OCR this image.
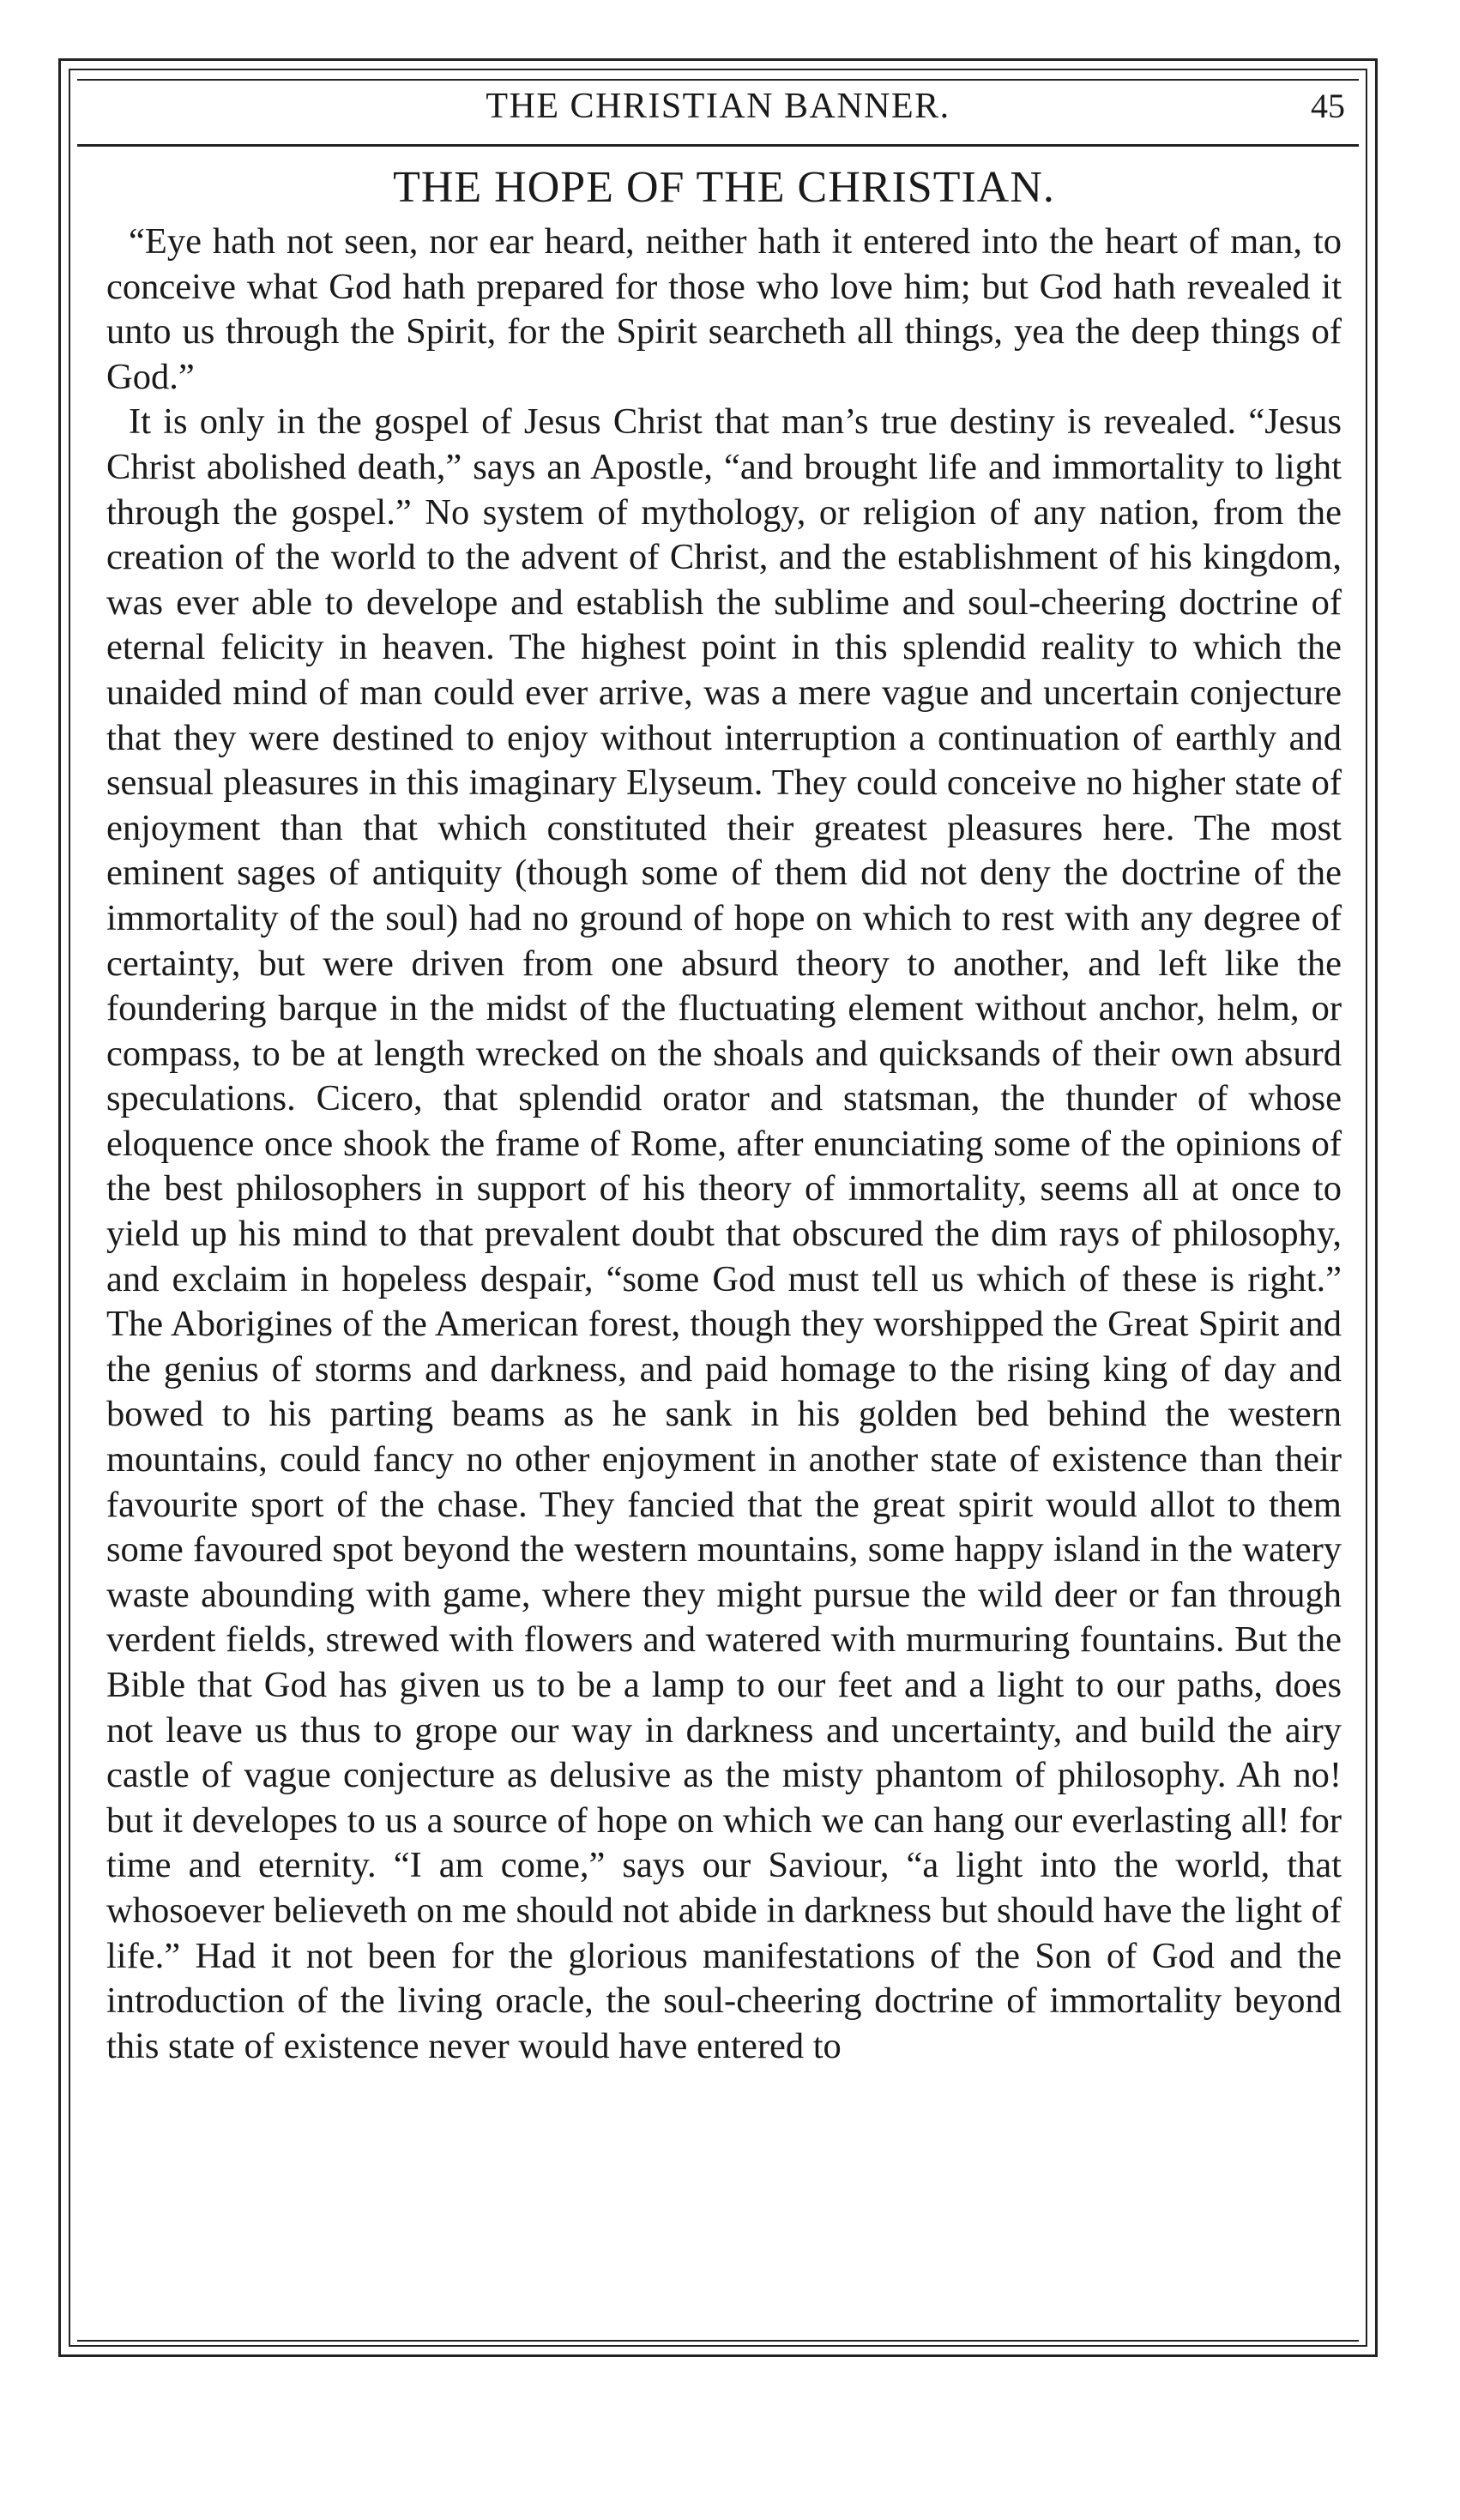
THE CHRISTIAN BANNER.	45
THE HOPE OF THE CHRISTIAN.

“Eye hath not seen, nor ear heard, neither hath it entered into the heart of man, to conceive what God hath prepared for those who love him; but God hath revealed it unto us through the Spirit, for the Spirit searcheth all things, yea the deep things of God.”

It is only in the gospel of Jesus Christ that man’s true destiny is revealed. “Jesus Christ abolished death,” says an Apostle, “and brought life and immortality to light through the gospel.” No system of mythology, or religion of any nation, from the creation of the world to the advent of Christ, and the establishment of his kingdom, was ever able to develope and establish the sublime and soul-cheering doctrine of eternal felicity in heaven. The highest point in this splendid reality to which the unaided mind of man could ever arrive, was a mere vague and uncertain conjecture that they were destined to enjoy without interruption a continuation of earthly and sensual pleasures in this imaginary Elyseum. They could conceive no higher state of enjoyment than that which constituted their greatest pleasures here. The most eminent sages of antiquity (though some of them did not deny the doctrine of the immortality of the soul) had no ground of hope on which to rest with any degree of certainty, but were driven from one absurd theory to another, and left like the foundering barque in the midst of the fluctuating element without anchor, helm, or compass, to be at length wrecked on the shoals and quicksands of their own absurd speculations. Cicero, that splendid orator and statsman, the thunder of whose eloquence once shook the frame of Rome, after enunciating some of the opinions of the best philosophers in support of his theory of immortality, seems all at once to yield up his mind to that prevalent doubt that obscured the dim rays of philosophy, and exclaim in hopeless despair, “some God must tell us which of these is right.” The Aborigines of the American forest, though they worshipped the Great Spirit and the genius of storms and darkness, and paid homage to the rising king of day and bowed to his parting beams as he sank in his golden bed behind the western mountains, could fancy no other enjoyment in another state of existence than their favourite sport of the chase. They fancied that the great spirit would allot to them some favoured spot beyond the western mountains, some happy island in the watery waste abounding with game, where they might pursue the wild deer or fan through verdent fields, strewed with flowers and watered with murmuring fountains. But the Bible that God has given us to be a lamp to our feet and a light to our paths, does not leave us thus to grope our way in darkness and uncertainty, and build the airy castle of vague conjecture as delusive as the misty phantom of philosophy. Ah no! but it developes to us a source of hope on which we can hang our everlasting all! for time and eternity. “I am come,” says our Saviour, “a light into the world, that whosoever believeth on me should not abide in darkness but should have the light of life.” Had it not been for the glorious manifestations of the Son of God and the introduction of the living oracle, the soul-cheering doctrine of immortality beyond this state of existence never would have entered to
